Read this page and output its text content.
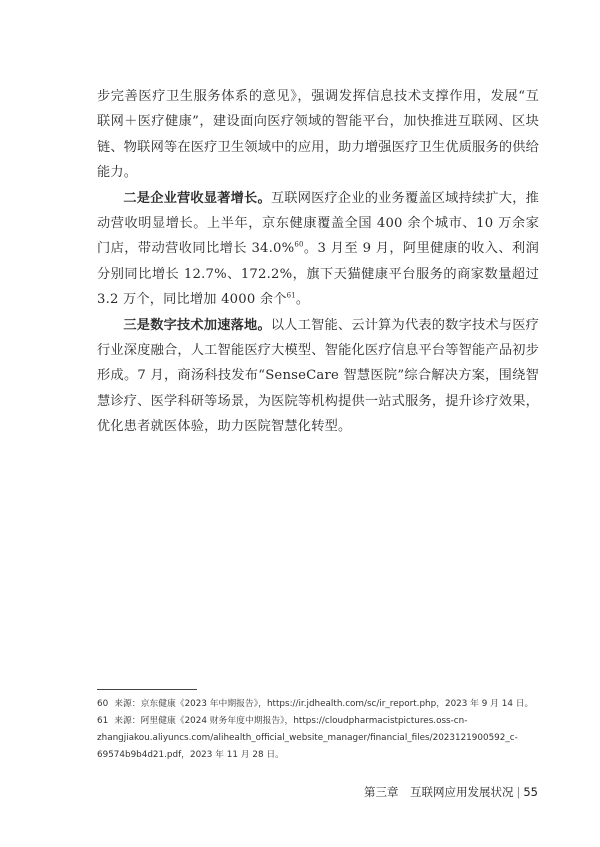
步完善医疗卫生服务体系的意见》，强调发挥信息技术支撑作用，发展“互联网＋医疗健康”，建设面向医疗领域的智能平台，加快推进互联网、区块链、物联网等在医疗卫生领域中的应用，助力增强医疗卫生优质服务的供给能力。

二是企业营收显著增长。互联网医疗企业的业务覆盖区域持续扩大，推动营收明显增长。上半年，京东健康覆盖全国 400 余个城市、10 万余家门店，带动营收同比增长 34.0%$^{60}$。3 月至 9 月，阿里健康的收入、利润分别同比增长 12.7%、172.2%，旗下天猫健康平台服务的商家数量超过 3.2 万个，同比增加 4000 余个$^{61}$。

三是数字技术加速落地。以人工智能、云计算为代表的数字技术与医疗行业深度融合，人工智能医疗大模型、智能化医疗信息平台等智能产品初步形成。7 月，商汤科技发布“SenseCare 智慧医院”综合解决方案，围绕智慧诊疗、医学科研等场景，为医院等机构提供一站式服务，提升诊疗效果，优化患者就医体验，助力医院智慧化转型。

60 来源：京东健康《2023 年中期报告》，https://ir.jdhealth.com/sc/ir_report.php，2023 年 9 月 14 日。

61 来源：阿里健康《2024 财务年度中期报告》，https://cloudpharmacistpictures.oss-cn-zhangjiakou.aliyuncs.com/alihealth_official_website_manager/financial_files/2023121900592_c-69574b9b4d21.pdf，2023 年 11 月 28 日。

第三章　互联网应用发展状况 | 55
